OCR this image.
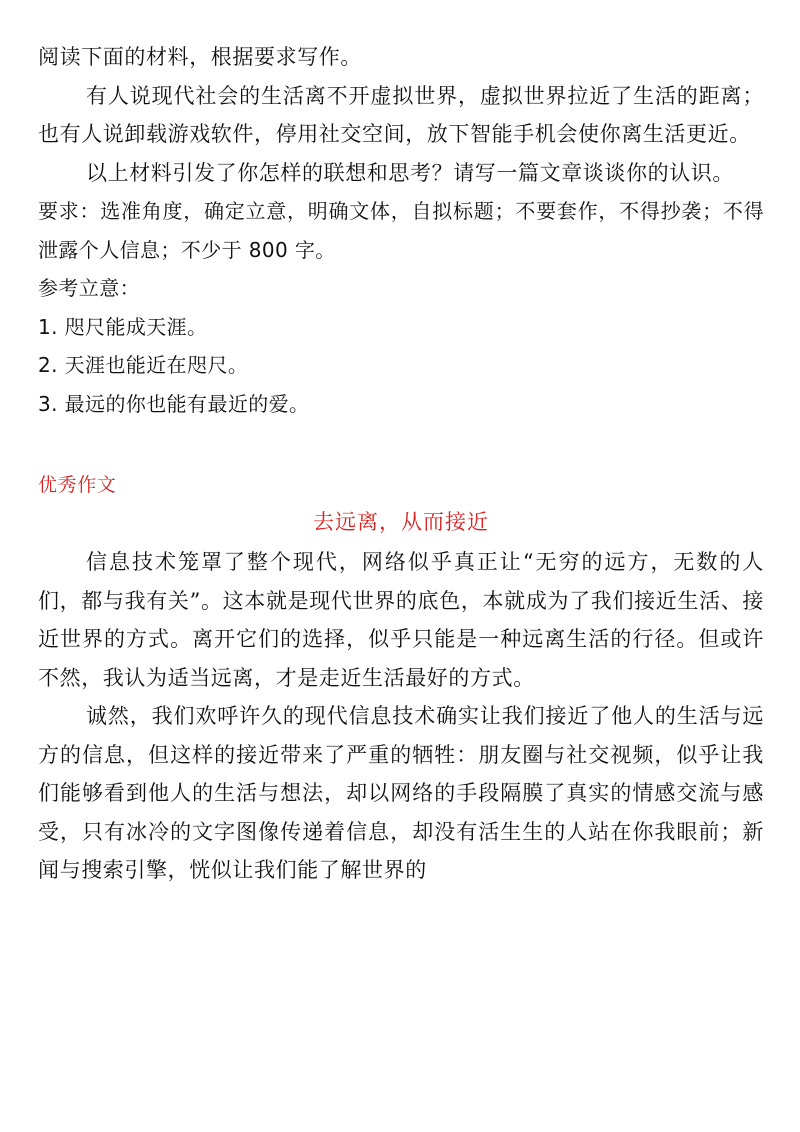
阅读下面的材料，根据要求写作。

有人说现代社会的生活离不开虚拟世界，虚拟世界拉近了生活的距离；也有人说卸载游戏软件，停用社交空间，放下智能手机会使你离生活更近。

以上材料引发了你怎样的联想和思考？请写一篇文章谈谈你的认识。

要求：选准角度，确定立意，明确文体，自拟标题；不要套作，不得抄袭；不得泄露个人信息；不少于 800 字。

参考立意：

1. 咫尺能成天涯。

2. 天涯也能近在咫尺。

3. 最远的你也能有最近的爱。

优秀作文
去远离，从而接近

信息技术笼罩了整个现代，网络似乎真正让“无穷的远方，无数的人们，都与我有关”。这本就是现代世界的底色，本就成为了我们接近生活、接近世界的方式。离开它们的选择，似乎只能是一种远离生活的行径。但或许不然，我认为适当远离，才是走近生活最好的方式。

诚然，我们欢呼许久的现代信息技术确实让我们接近了他人的生活与远方的信息，但这样的接近带来了严重的牺牲：朋友圈与社交视频，似乎让我们能够看到他人的生活与想法，却以网络的手段隔膜了真实的情感交流与感受，只有冰冷的文字图像传递着信息，却没有活生生的人站在你我眼前；新闻与搜索引擎，恍似让我们能了解世界的
